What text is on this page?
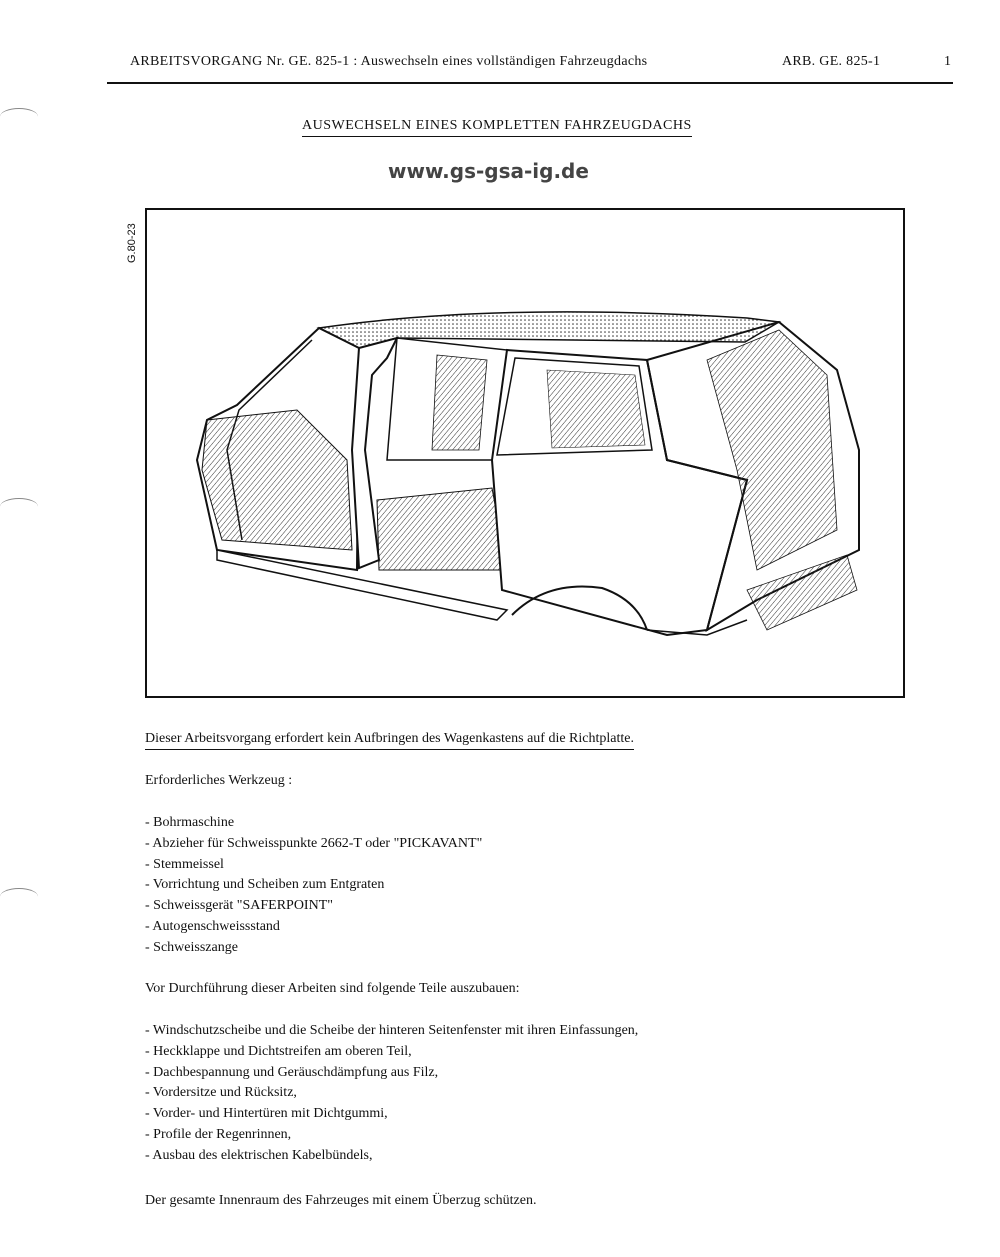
ARBEITSVORGANG Nr. GE. 825-1 : Auswechseln eines vollständigen Fahrzeugdachs	ARB. GE. 825-1	1
AUSWECHSELN EINES KOMPLETTEN FAHRZEUGDACHS
www.gs-gsa-ig.de
G.80-23
Dieser Arbeitsvorgang erfordert kein Aufbringen des Wagenkastens auf die Richtplatte.
Erforderliches Werkzeug :
- Bohrmaschine
- Abzieher für Schweisspunkte 2662-T oder "PICKAVANT"
- Stemmeissel
- Vorrichtung und Scheiben zum Entgraten
- Schweissgerät "SAFERPOINT"
- Autogenschweissstand
- Schweisszange
Vor Durchführung dieser Arbeiten sind folgende Teile auszubauen:
- Windschutzscheibe und die Scheibe der hinteren Seitenfenster mit ihren Einfassungen,
- Heckklappe und Dichtstreifen am oberen Teil,
- Dachbespannung und Geräuschdämpfung aus Filz,
- Vordersitze und Rücksitz,
- Vorder- und Hintertüren mit Dichtgummi,
- Profile der Regenrinnen,
- Ausbau des elektrischen Kabelbündels,
Der gesamte Innenraum des Fahrzeuges mit einem Überzug schützen.
